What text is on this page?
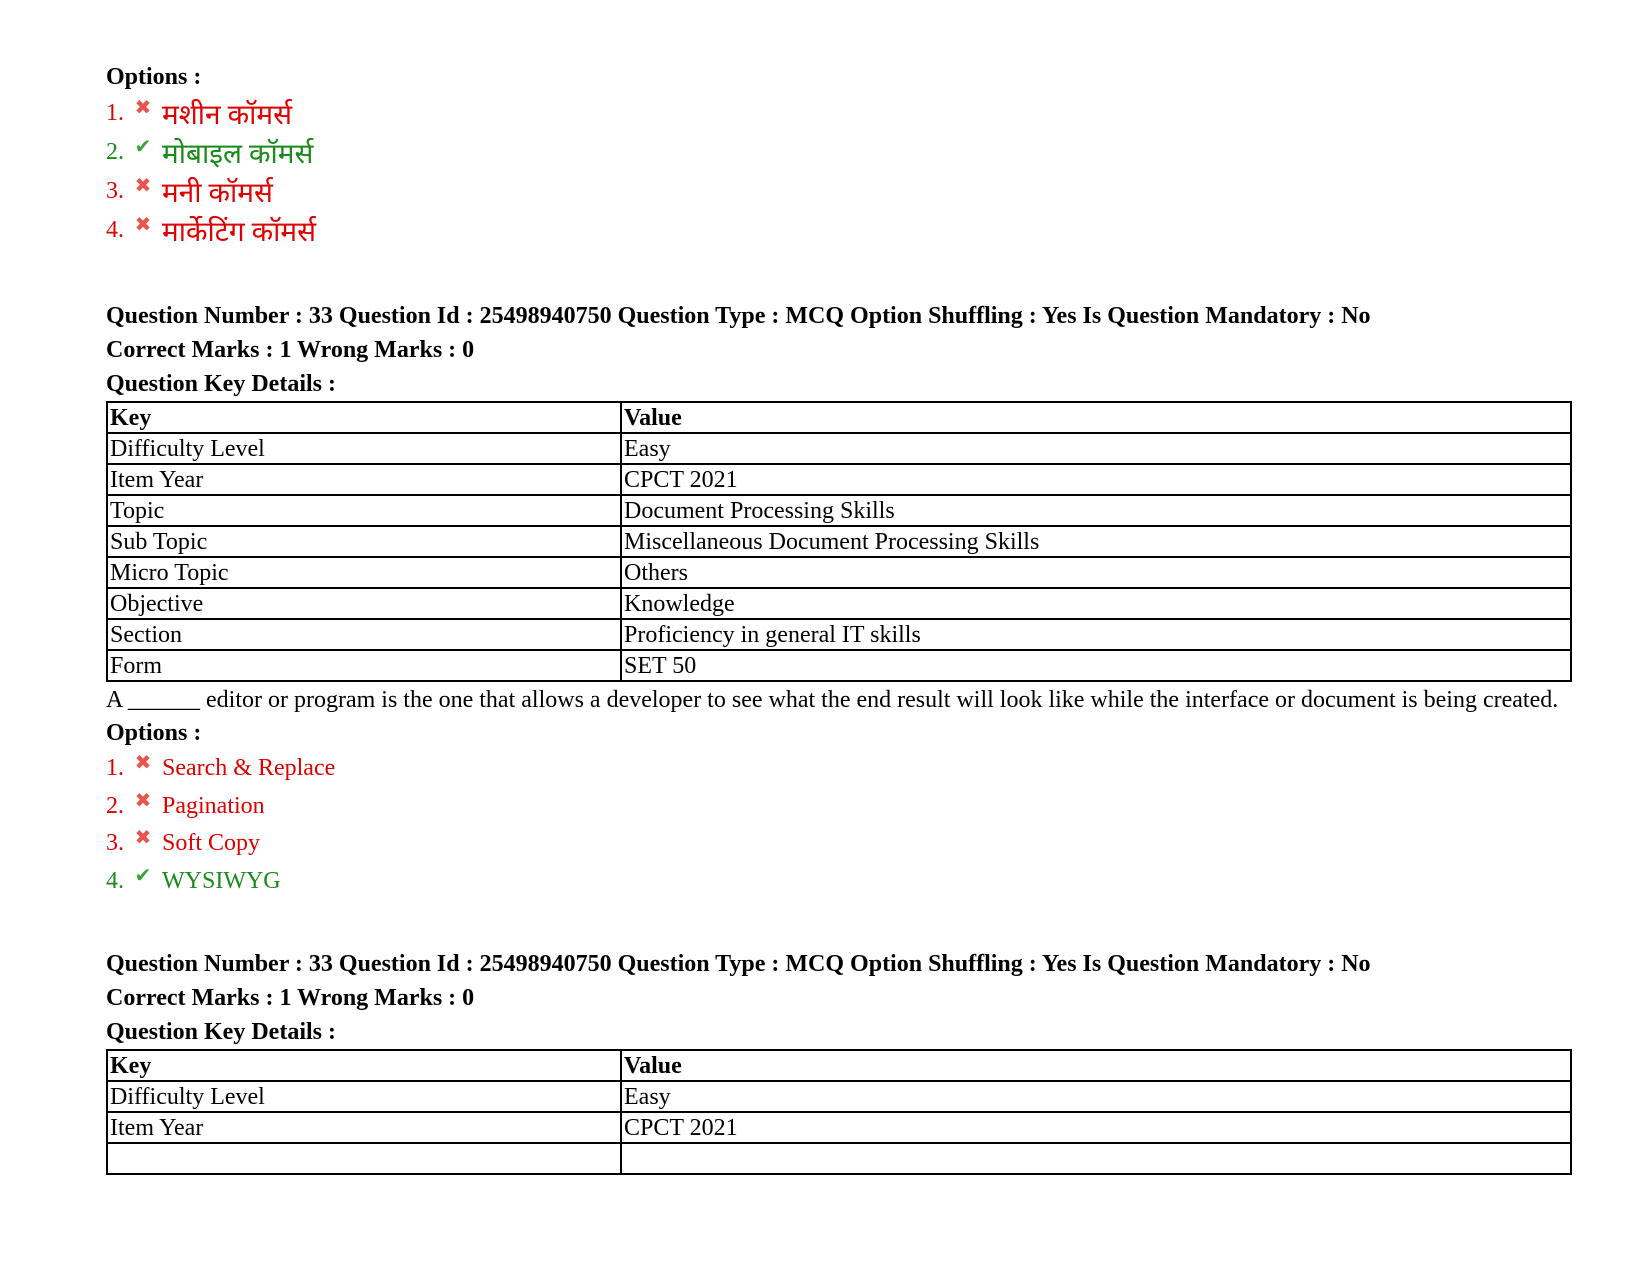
Options :
1. ✖ मशीन कॉमर्स
2. ✔ मोबाइल कॉमर्स
3. ✖ मनी कॉमर्स
4. ✖ मार्केटिंग कॉमर्स
Question Number : 33 Question Id : 25498940750 Question Type : MCQ Option Shuffling : Yes Is Question Mandatory : No
Correct Marks : 1 Wrong Marks : 0
Question Key Details :
Key	Value
Difficulty Level	Easy
Item Year	CPCT 2021
Topic	Document Processing Skills
Sub Topic	Miscellaneous Document Processing Skills
Micro Topic	Others
Objective	Knowledge
Section	Proficiency in general IT skills
Form	SET 50
A ______ editor or program is the one that allows a developer to see what the end result will look like while the interface or document is being created.
Options :
1. ✖ Search & Replace
2. ✖ Pagination
3. ✖ Soft Copy
4. ✔ WYSIWYG
Question Number : 33 Question Id : 25498940750 Question Type : MCQ Option Shuffling : Yes Is Question Mandatory : No
Correct Marks : 1 Wrong Marks : 0
Question Key Details :
Key	Value
Difficulty Level	Easy
Item Year	CPCT 2021
